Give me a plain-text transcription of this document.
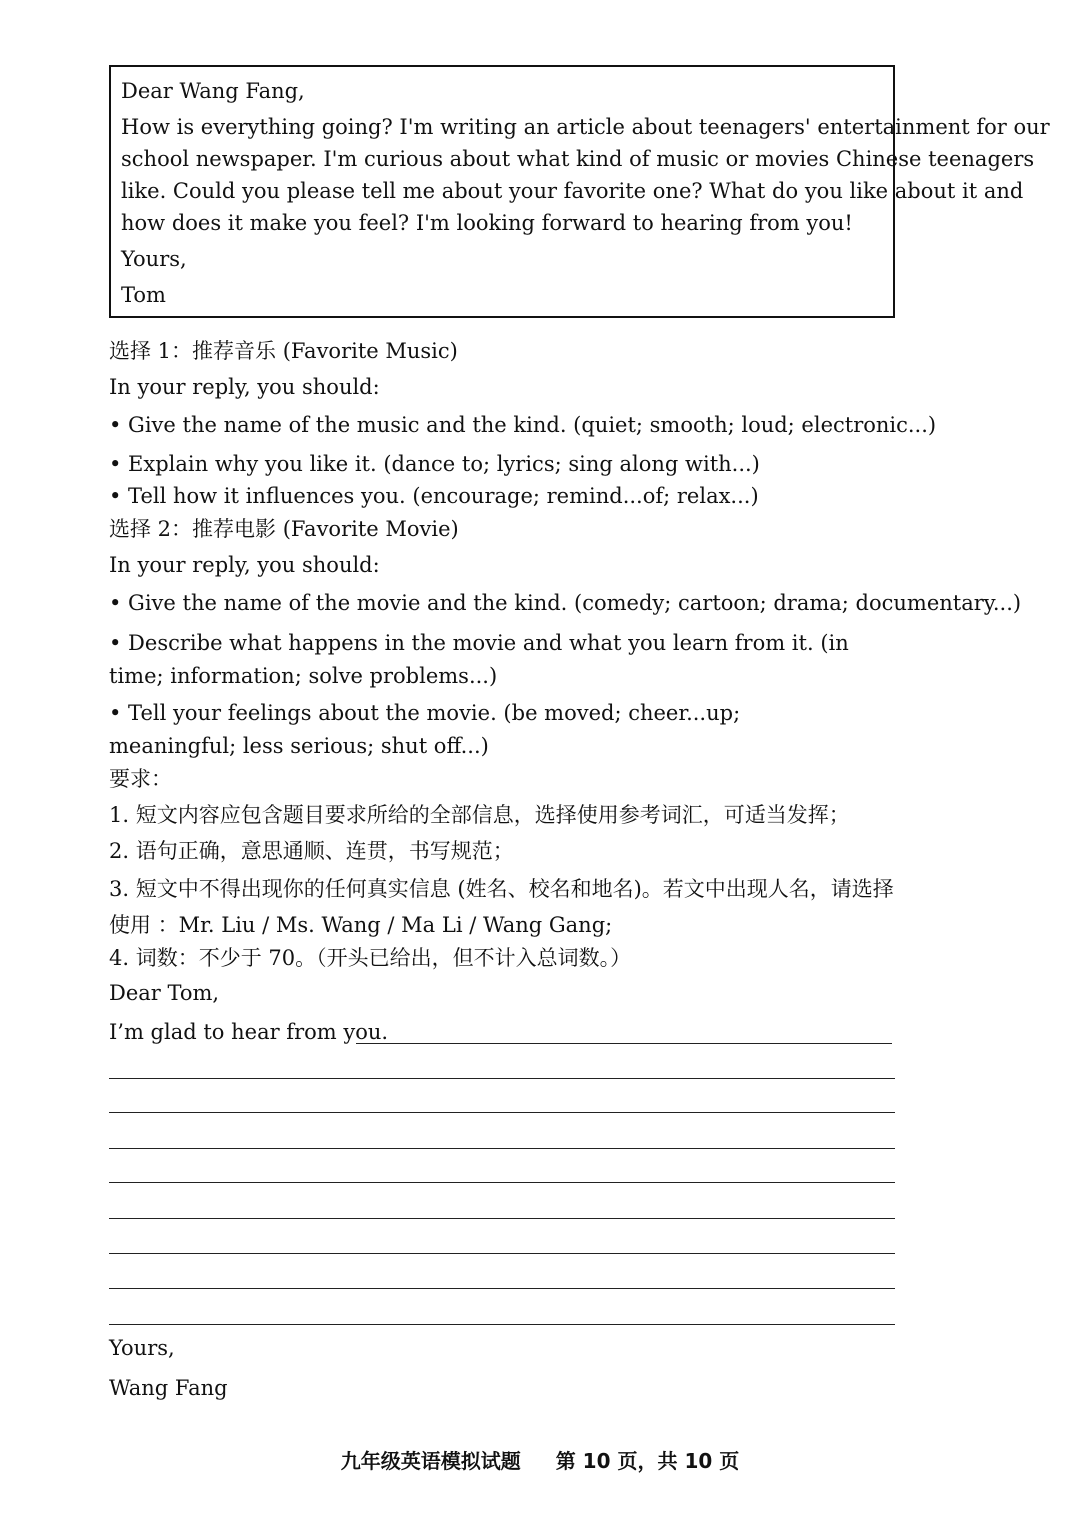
Dear Wang Fang,

How is everything going? I'm writing an article about teenagers' entertainment for our

school newspaper. I'm curious about what kind of music or movies Chinese teenagers

like. Could you please tell me about your favorite one? What do you like about it and

how does it make you feel? I'm looking forward to hearing from you!

Yours,

Tom

选择 1：推荐音乐 (Favorite Music)

In your reply, you should:

• Give the name of the music and the kind. (quiet; smooth; loud; electronic...)

• Explain why you like it. (dance to; lyrics; sing along with...)

• Tell how it influences you. (encourage; remind...of; relax...)

选择 2：推荐电影 (Favorite Movie)

In your reply, you should:

• Give the name of the movie and the kind. (comedy; cartoon; drama; documentary...)

• Describe what happens in the movie and what you learn from it. (in time; information; solve problems...)

• Tell your feelings about the movie. (be moved; cheer...up; meaningful; less serious; shut off...)

要求：

1. 短文内容应包含题目要求所给的全部信息，选择使用参考词汇，可适当发挥；

2. 语句正确，意思通顺、连贯，书写规范；

3. 短文中不得出现你的任何真实信息 (姓名、校名和地名)。若文中出现人名，请选择使用 ：Mr. Liu / Ms. Wang / Ma Li / Wang Gang;

4. 词数：不少于 70。（开头已给出，但不计入总词数。）

Dear Tom,

I’m glad to hear from you.

Yours,

Wang Fang

九年级英语模拟试题 第 10 页，共 10 页
